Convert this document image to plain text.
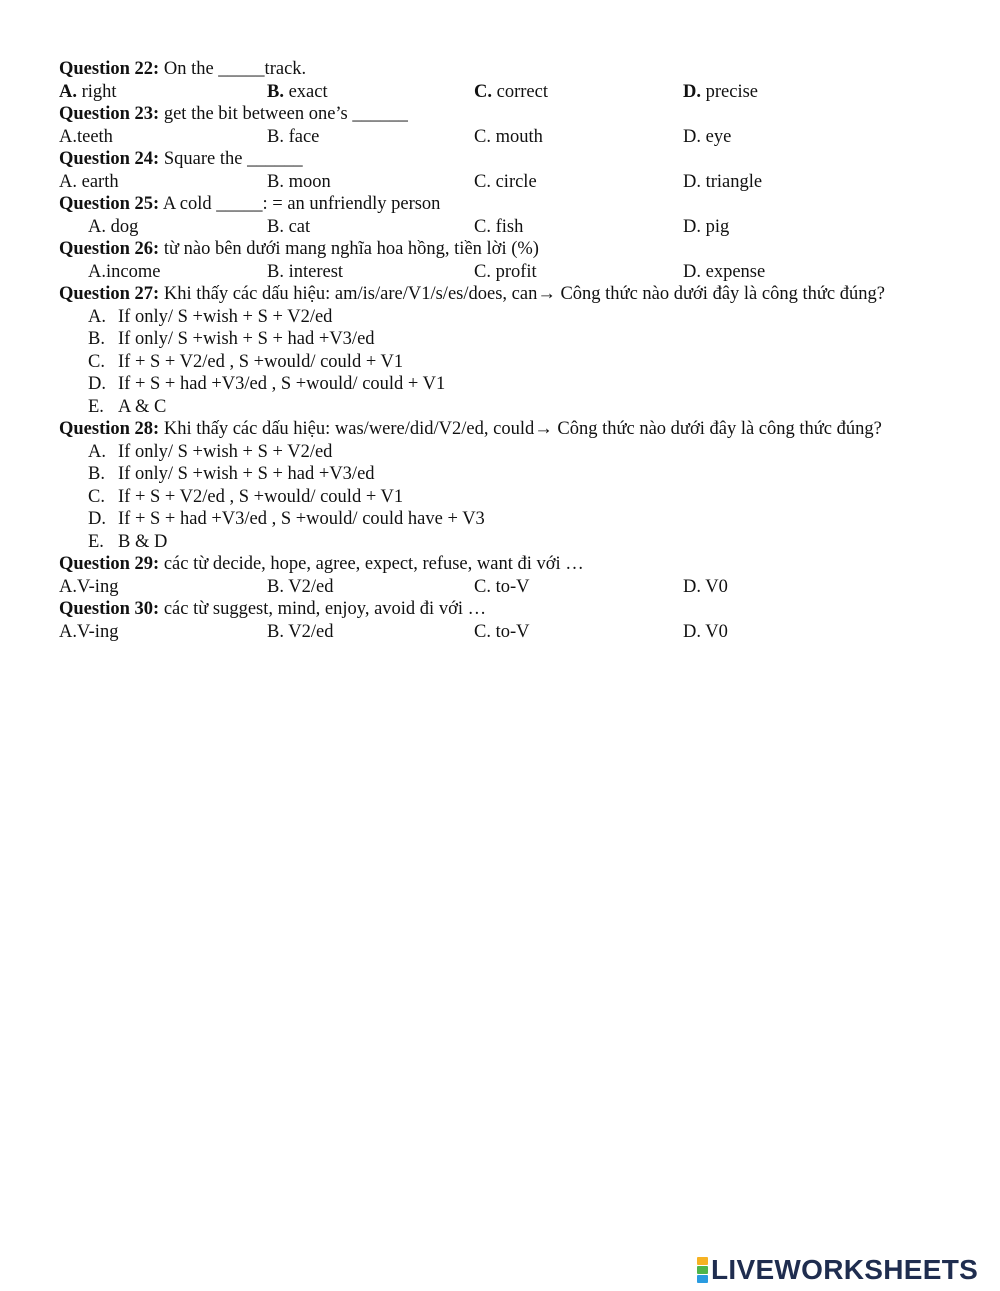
Question 22: On the _____track.
A. right	B. exact	C. correct	D. precise
Question 23: get the bit between one’s ______
A.teeth	B. face	C. mouth	D. eye
Question 24: Square the ______
A. earth	B. moon	C. circle	D. triangle
Question 25: A cold _____: = an unfriendly person
A. dog	B. cat	C. fish	D. pig
Question 26: từ nào bên dưới mang nghĩa hoa hồng, tiền lời (%)
A.income	B. interest	C. profit	D. expense
Question 27: Khi thấy các dấu hiệu: am/is/are/V1/s/es/does, can→ Công thức nào dưới đây là công thức đúng?
A. If only/ S +wish + S + V2/ed
B. If only/ S +wish + S + had +V3/ed
C. If + S + V2/ed , S +would/ could + V1
D. If + S + had +V3/ed , S +would/ could + V1
E. A & C
Question 28: Khi thấy các dấu hiệu: was/were/did/V2/ed, could→ Công thức nào dưới đây là công thức đúng?
A. If only/ S +wish + S + V2/ed
B. If only/ S +wish + S + had +V3/ed
C. If + S + V2/ed , S +would/ could + V1
D. If + S + had +V3/ed , S +would/ could have + V3
E. B & D
Question 29: các từ decide, hope, agree, expect, refuse, want đi với …
A.V-ing	B. V2/ed	C. to-V	D. V0
Question 30: các từ suggest, mind, enjoy, avoid đi với …
A.V-ing	B. V2/ed	C. to-V	D. V0
LIVEWORKSHEETS
